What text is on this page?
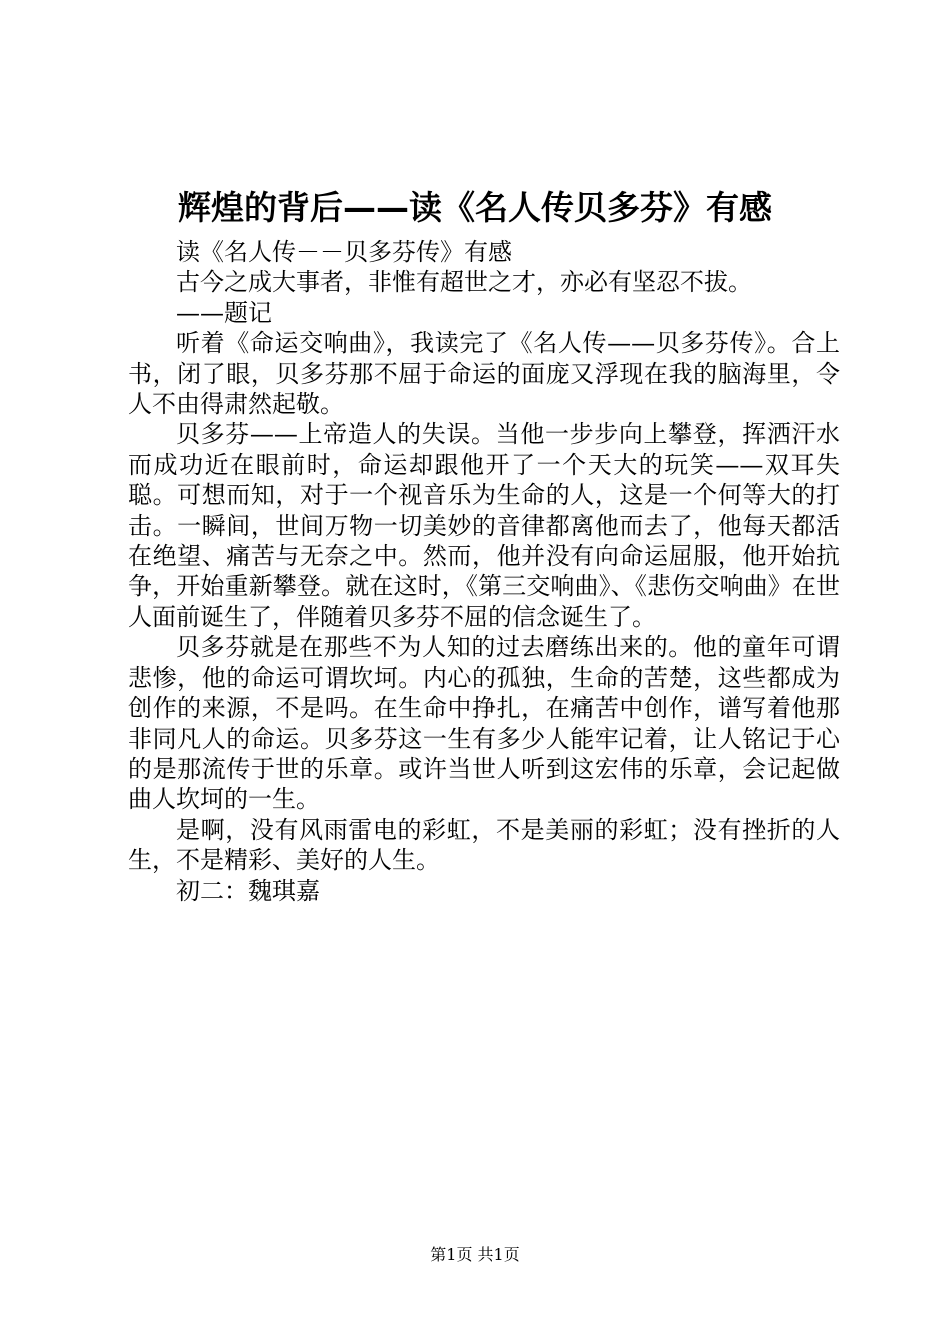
辉煌的背后——读《名人传贝多芬》有感

读《名人传－－贝多芬传》有感

古今之成大事者，非惟有超世之才，亦必有坚忍不拔。

——题记

听着《命运交响曲》，我读完了《名人传——贝多芬传》。合上书，闭了眼，贝多芬那不屈于命运的面庞又浮现在我的脑海里，令人不由得肃然起敬。

贝多芬——上帝造人的失误。当他一步步向上攀登，挥洒汗水而成功近在眼前时，命运却跟他开了一个天大的玩笑——双耳失聪。可想而知，对于一个视音乐为生命的人，这是一个何等大的打击。一瞬间，世间万物一切美妙的音律都离他而去了，他每天都活在绝望、痛苦与无奈之中。然而，他并没有向命运屈服，他开始抗争，开始重新攀登。就在这时，《第三交响曲》、《悲伤交响曲》在世人面前诞生了，伴随着贝多芬不屈的信念诞生了。

贝多芬就是在那些不为人知的过去磨练出来的。他的童年可谓悲惨，他的命运可谓坎坷。内心的孤独，生命的苦楚，这些都成为创作的来源，不是吗。在生命中挣扎，在痛苦中创作，谱写着他那非同凡人的命运。贝多芬这一生有多少人能牢记着，让人铭记于心的是那流传于世的乐章。或许当世人听到这宏伟的乐章，会记起做曲人坎坷的一生。

是啊，没有风雨雷电的彩虹，不是美丽的彩虹；没有挫折的人生，不是精彩、美好的人生。

初二：魏琪嘉

第1页 共1页
